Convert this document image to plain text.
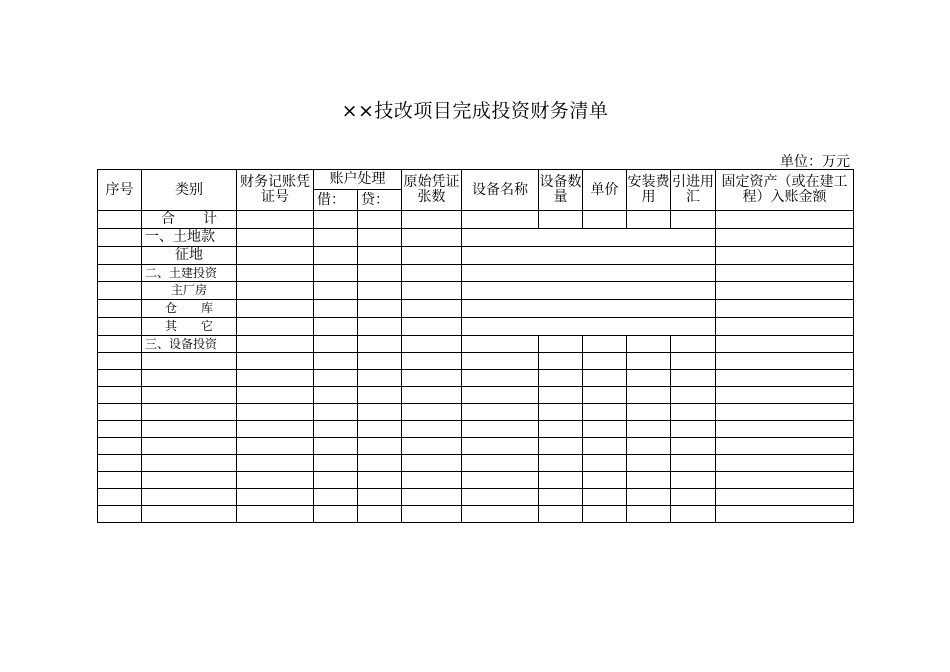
××技改项目完成投资财务清单
单位：万元
序号	类别	财务记账凭证号	账户处理		原始凭证张数	设备名称	设备数量	单价	安装费用	引进用汇	固定资产（或在建工程）入账金额
			借：	贷：							
	合　　计										
	一、土地款										
	征地										
	二、土建投资										
	主厂房										
	仓　　库										
	其　　它										
	三、设备投资										
